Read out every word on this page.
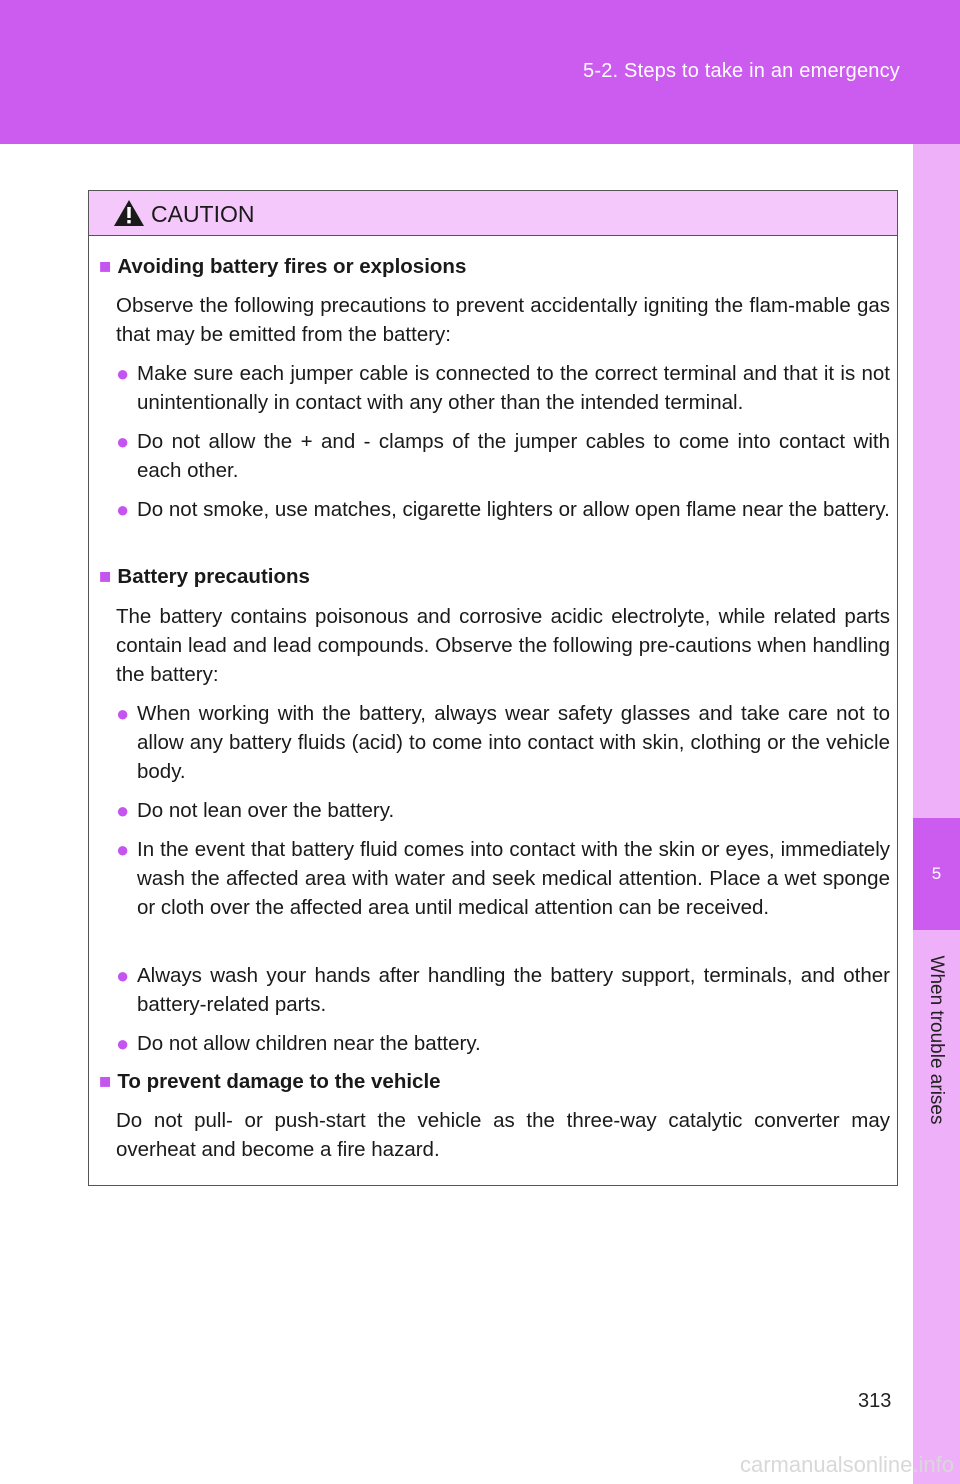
5-2. Steps to take in an emergency
5
When trouble arises
CAUTION
■ Avoiding battery fires or explosions
Observe the following precautions to prevent accidentally igniting the flam-mable gas that may be emitted from the battery:
● Make sure each jumper cable is connected to the correct terminal and that it is not unintentionally in contact with any other than the intended terminal.
● Do not allow the + and - clamps of the jumper cables to come into contact with each other.
● Do not smoke, use matches, cigarette lighters or allow open flame near the battery.
■ Battery precautions
The battery contains poisonous and corrosive acidic electrolyte, while related parts contain lead and lead compounds. Observe the following pre-cautions when handling the battery:
● When working with the battery, always wear safety glasses and take care not to allow any battery fluids (acid) to come into contact with skin, clothing or the vehicle body.
● Do not lean over the battery.
● In the event that battery fluid comes into contact with the skin or eyes, immediately wash the affected area with water and seek medical attention. Place a wet sponge or cloth over the affected area until medical attention can be received.
● Always wash your hands after handling the battery support, terminals, and other battery-related parts.
● Do not allow children near the battery.
■ To prevent damage to the vehicle
Do not pull- or push-start the vehicle as the three-way catalytic converter may overheat and become a fire hazard.
313
carmanualsonline.info
